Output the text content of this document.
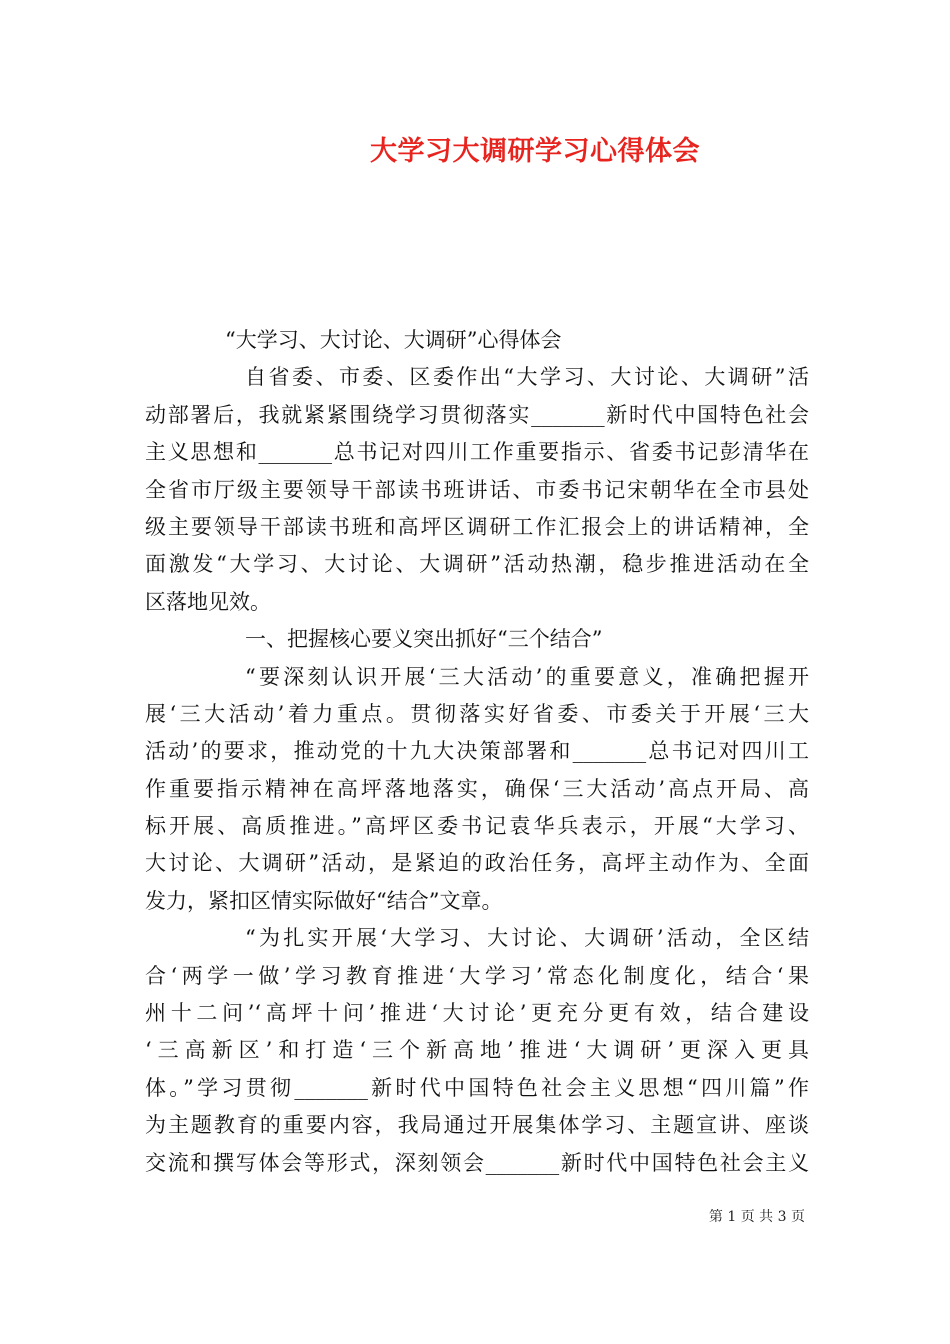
大学习大调研学习心得体会
“大学习、大讨论、大调研”心得体会
自省委、市委、区委作出“大学习、大讨论、大调研”活
动部署后，我就紧紧围绕学习贯彻落实_______新时代中国特色社会
主义思想和_______总书记对四川工作重要指示、省委书记彭清华在
全省市厅级主要领导干部读书班讲话、市委书记宋朝华在全市县处
级主要领导干部读书班和高坪区调研工作汇报会上的讲话精神，全
面激发“大学习、大讨论、大调研”活动热潮，稳步推进活动在全
区落地见效。
一、把握核心要义突出抓好“三个结合”
“要深刻认识开展‘三大活动’的重要意义，准确把握开
展‘三大活动’着力重点。贯彻落实好省委、市委关于开展‘三大
活动’的要求，推动党的十九大决策部署和_______总书记对四川工
作重要指示精神在高坪落地落实，确保‘三大活动’高点开局、高
标开展、高质推进。”高坪区委书记袁华兵表示，开展“大学习、
大讨论、大调研”活动，是紧迫的政治任务，高坪主动作为、全面
发力，紧扣区情实际做好“结合”文章。
“为扎实开展‘大学习、大讨论、大调研’活动，全区结
合‘两学一做’学习教育推进‘大学习’常态化制度化，结合‘果
州十二问’‘高坪十问’推进‘大讨论’更充分更有效，结合建设
‘三高新区’和打造‘三个新高地’推进‘大调研’更深入更具
体。”学习贯彻_______新时代中国特色社会主义思想“四川篇”作
为主题教育的重要内容，我局通过开展集体学习、主题宣讲、座谈
交流和撰写体会等形式，深刻领会_______新时代中国特色社会主义
第 1 页 共 3 页
